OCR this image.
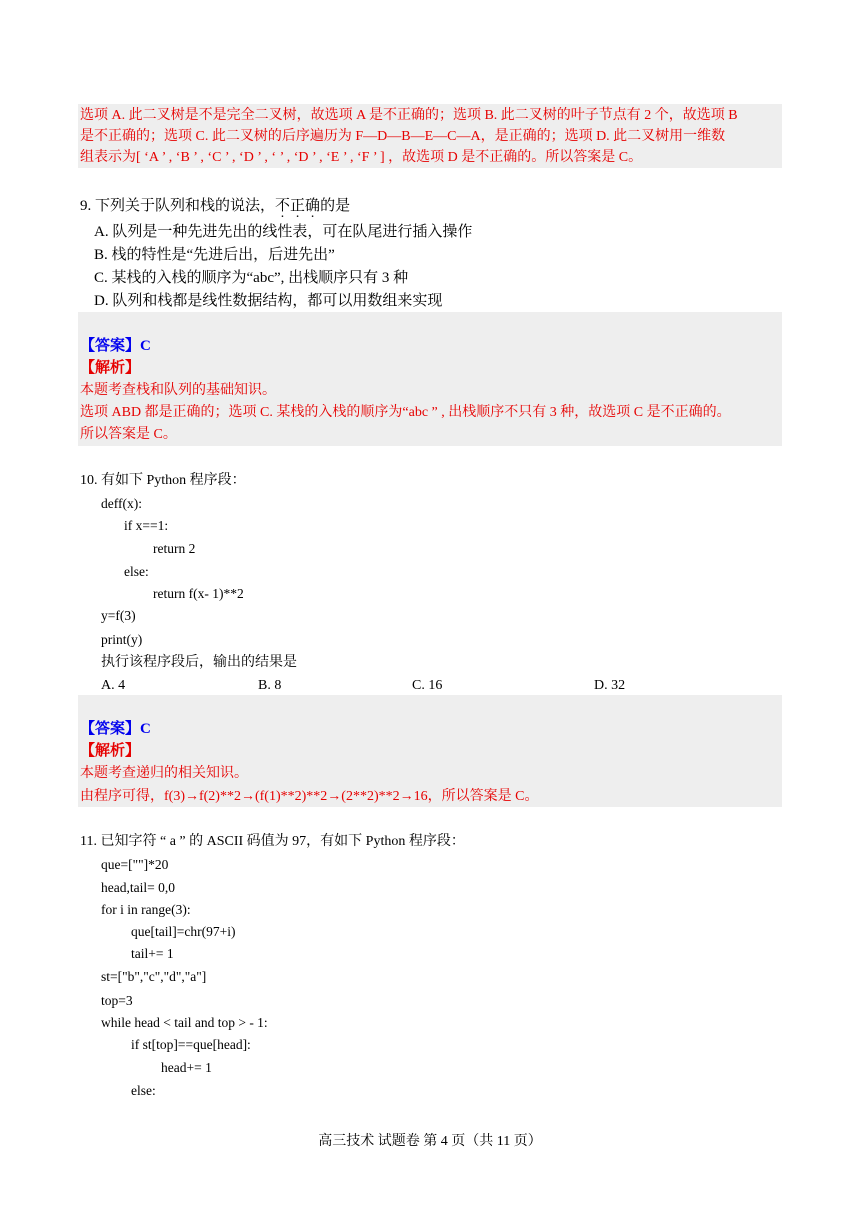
选项 A. 此二叉树是不是完全二叉树，故选项 A 是不正确的；选项 B. 此二叉树的叶子节点有 2 个，故选项 B
是不正确的；选项 C. 此二叉树的后序遍历为 F—D—B—E—C—A，是正确的；选项 D. 此二叉树用一维数
组表示为[ ‘A ’ , ‘B ’ , ‘C ’ , ‘D ’ , ‘ ’ , ‘D ’ , ‘E ’ , ‘F ’ ] ，故选项 D 是不正确的。所以答案是 C。
9. 下列关于队列和栈的说法，不正确的是
A. 队列是一种先进先出的线性表，可在队尾进行插入操作
B. 栈的特性是“先进后出，后进先出”
C. 某栈的入栈的顺序为“abc”, 出栈顺序只有 3 种
D. 队列和栈都是线性数据结构，都可以用数组来实现
【答案】C
【解析】
本题考查栈和队列的基础知识。
选项 ABD 都是正确的；选项 C. 某栈的入栈的顺序为“abc ” , 出栈顺序不只有 3 种，故选项 C 是不正确的。
所以答案是 C。
10. 有如下 Python 程序段：
deff(x):
if x==1:
return 2
else:
return f(x- 1)**2
y=f(3)
print(y)
执行该程序段后，输出的结果是
A. 4	B. 8	C. 16	D. 32
【答案】C
【解析】
本题考查递归的相关知识。
由程序可得，f(3)→f(2)**2→(f(1)**2)**2→(2**2)**2→16，所以答案是 C。
11. 已知字符 “ a ” 的 ASCII 码值为 97，有如下 Python 程序段：
que=[""]*20
head,tail= 0,0
for i in range(3):
que[tail]=chr(97+i)
tail+= 1
st=["b","c","d","a"]
top=3
while head < tail and top > - 1:
if st[top]==que[head]:
head+= 1
else:
高三技术 试题卷 第 4 页（共 11 页）
